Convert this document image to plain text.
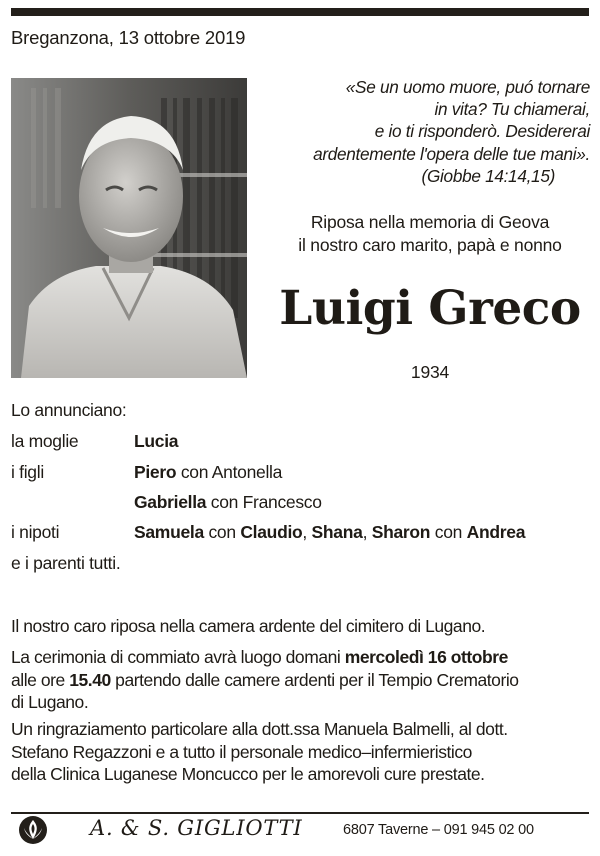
Breganzona, 13 ottobre 2019
«Se un uomo muore, puó tornare
in vita? Tu chiamerai,
e io ti risponderò. Desidererai
ardentemente l'opera delle tue mani».
(Giobbe 14:14,15)
Riposa nella memoria di Geova
il nostro caro marito, papà e nonno
Luigi Greco
1934
Lo annunciano:
la moglie	Lucia
i figli	Piero con Antonella
Gabriella con Francesco
i nipoti	Samuela con Claudio, Shana, Sharon con Andrea
e i parenti tutti.
Il nostro caro riposa nella camera ardente del cimitero di Lugano.
La cerimonia di commiato avrà luogo domani mercoledì 16 ottobre
alle ore 15.40 partendo dalle camere ardenti per il Tempio Crematorio
di Lugano.
Un ringraziamento particolare alla dott.ssa Manuela Balmelli, al dott.
Stefano Regazzoni e a tutto il personale medico–infermieristico
della Clinica Luganese Moncucco per le amorevoli cure prestate.
A. & S. GIGLIOTTI	6807 Taverne – 091 945 02 00
